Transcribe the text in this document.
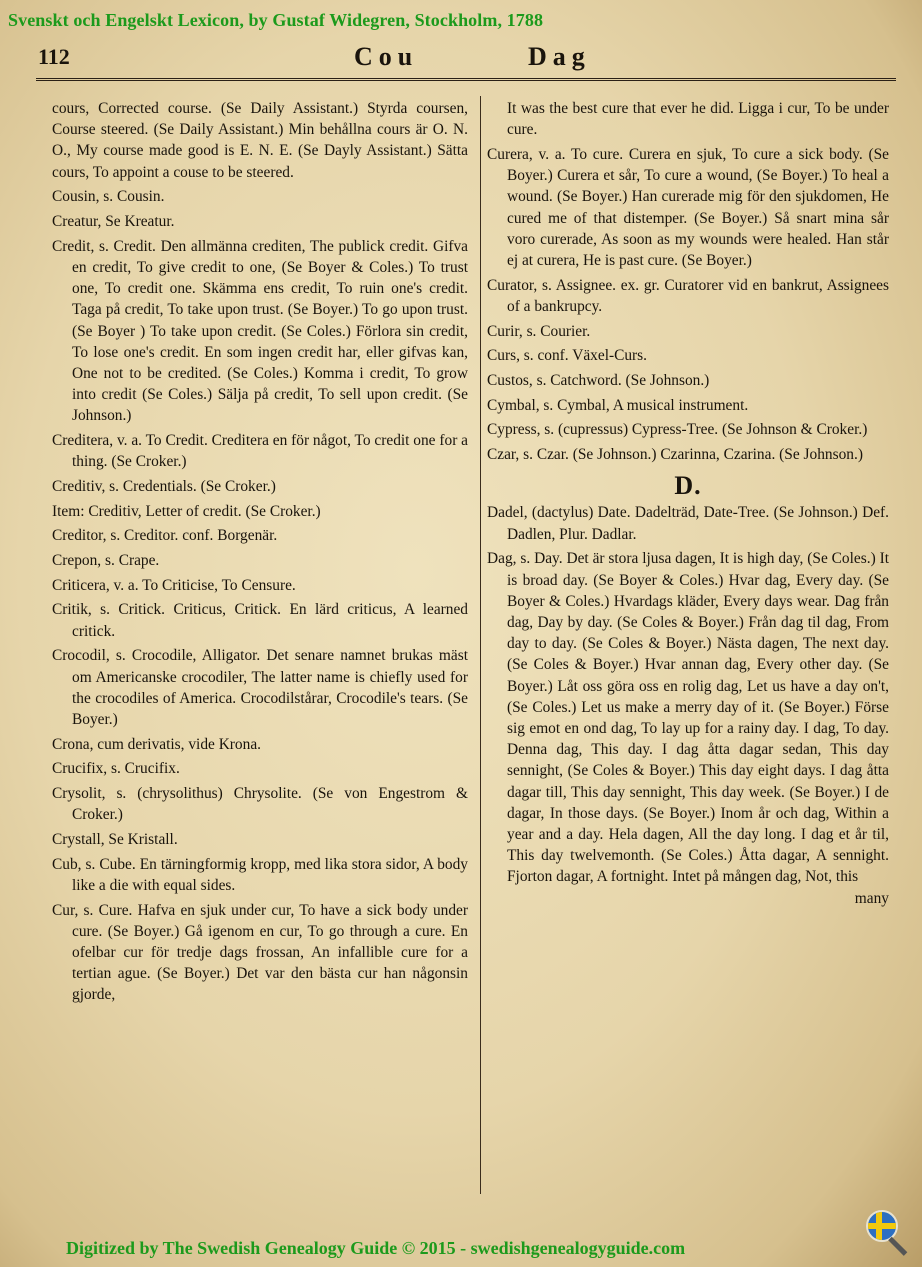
Svenskt och Engelskt Lexicon, by Gustaf Widegren, Stockholm, 1788
112	Cou	Dag

cours, Corrected course. (Se Daily Assistant.) Styrda coursen, Course steered. (Se Daily Assistant.) Min behållna cours är O. N. O., My course made good is E. N. E. (Se Dayly Assistant.) Sätta cours, To appoint a couse to be steered.

Cousin, s. Cousin.

Creatur, Se Kreatur.

Credit, s. Credit. Den allmänna crediten, The publick credit. Gifva en credit, To give credit to one, (Se Boyer & Coles.) To trust one, To credit one. Skämma ens credit, To ruin one's credit. Taga på credit, To take upon trust. (Se Boyer.) To go upon trust. (Se Boyer ) To take upon credit. (Se Coles.) Förlora sin credit, To lose one's credit. En som ingen credit har, eller gifvas kan, One not to be credited. (Se Coles.) Komma i credit, To grow into credit (Se Coles.) Sälja på credit, To sell upon credit. (Se Johnson.)

Creditera, v. a. To Credit. Creditera en för något, To credit one for a thing. (Se Croker.)

Creditiv, s. Credentials. (Se Croker.)

Item: Creditiv, Letter of credit. (Se Croker.)

Creditor, s. Creditor. conf. Borgenär.

Crepon, s. Crape.

Criticera, v. a. To Criticise, To Censure.

Critik, s. Critick. Criticus, Critick. En lärd criticus, A learned critick.

Crocodil, s. Crocodile, Alligator. Det senare namnet brukas mäst om Americanske crocodiler, The latter name is chiefly used for the crocodiles of America. Crocodilstårar, Crocodile's tears. (Se Boyer.)

Crona, cum derivatis, vide Krona.

Crucifix, s. Crucifix.

Crysolit, s. (chrysolithus) Chrysolite. (Se von Engestrom & Croker.)

Crystall, Se Kristall.

Cub, s. Cube. En tärningformig kropp, med lika stora sidor, A body like a die with equal sides.

Cur, s. Cure. Hafva en sjuk under cur, To have a sick body under cure. (Se Boyer.) Gå igenom en cur, To go through a cure. En ofelbar cur för tredje dags frossan, An infallible cure for a tertian ague. (Se Boyer.) Det var den bästa cur han någonsin gjorde,

It was the best cure that ever he did. Ligga i cur, To be under cure.

Curera, v. a. To cure. Curera en sjuk, To cure a sick body. (Se Boyer.) Curera et sår, To cure a wound, (Se Boyer.) To heal a wound. (Se Boyer.) Han curerade mig för den sjukdomen, He cured me of that distemper. (Se Boyer.) Så snart mina sår voro curerade, As soon as my wounds were healed. Han står ej at curera, He is past cure. (Se Boyer.)

Curator, s. Assignee. ex. gr. Curatorer vid en bankrut, Assignees of a bankrupcy.

Curir, s. Courier.

Curs, s. conf. Växel-Curs.

Custos, s. Catchword. (Se Johnson.)

Cymbal, s. Cymbal, A musical instrument.

Cypress, s. (cupressus) Cypress-Tree. (Se Johnson & Croker.)

Czar, s. Czar. (Se Johnson.) Czarinna, Czarina. (Se Johnson.)

D.

Dadel, (dactylus) Date. Dadelträd, Date-Tree. (Se Johnson.) Def. Dadlen, Plur. Dadlar.

Dag, s. Day. Det är stora ljusa dagen, It is high day, (Se Coles.) It is broad day. (Se Boyer & Coles.) Hvar dag, Every day. (Se Boyer & Coles.) Hvardags kläder, Every days wear. Dag från dag, Day by day. (Se Coles & Boyer.) Från dag til dag, From day to day. (Se Coles & Boyer.) Nästa dagen, The next day. (Se Coles & Boyer.) Hvar annan dag, Every other day. (Se Boyer.) Låt oss göra oss en rolig dag, Let us have a day on't, (Se Coles.) Let us make a merry day of it. (Se Boyer.) Förse sig emot en ond dag, To lay up for a rainy day. I dag, To day. Denna dag, This day. I dag åtta dagar sedan, This day sennight, (Se Coles & Boyer.) This day eight days. I dag åtta dagar till, This day sennight, This day week. (Se Boyer.) I de dagar, In those days. (Se Boyer.) Inom år och dag, Within a year and a day. Hela dagen, All the day long. I dag et år til, This day twelvemonth. (Se Coles.) Åtta dagar, A sennight. Fjorton dagar, A fortnight. Intet på mången dag, Not, this

many
Digitized by The Swedish Genealogy Guide © 2015 - swedishgenealogyguide.com
